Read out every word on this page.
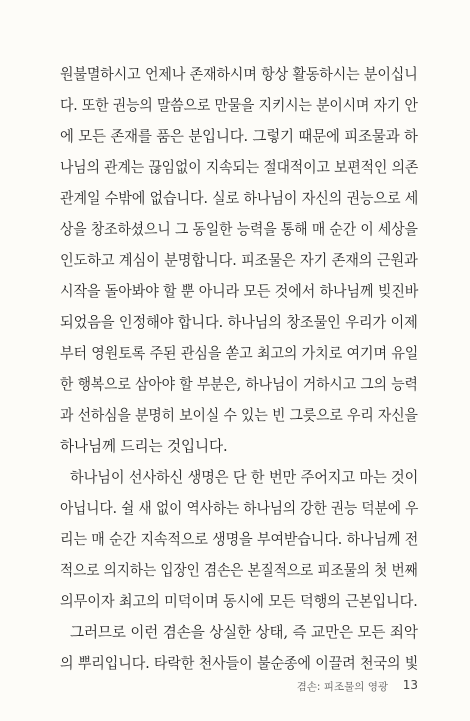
원불멸하시고 언제나 존재하시며 항상 활동하시는 분이십니
다. 또한 권능의 말씀으로 만물을 지키시는 분이시며 자기 안
에 모든 존재를 품은 분입니다. 그렇기 때문에 피조물과 하
나님의 관계는 끊임없이 지속되는 절대적이고 보편적인 의존
관계일 수밖에 없습니다. 실로 하나님이 자신의 권능으로 세
상을 창조하셨으니 그 동일한 능력을 통해 매 순간 이 세상을
인도하고 계심이 분명합니다. 피조물은 자기 존재의 근원과
시작을 돌아봐야 할 뿐 아니라 모든 것에서 하나님께 빚진바
되었음을 인정해야 합니다. 하나님의 창조물인 우리가 이제
부터 영원토록 주된 관심을 쏟고 최고의 가치로 여기며 유일
한 행복으로 삼아야 할 부분은, 하나님이 거하시고 그의 능력
과 선하심을 분명히 보이실 수 있는 빈 그릇으로 우리 자신을
하나님께 드리는 것입니다.
하나님이 선사하신 생명은 단 한 번만 주어지고 마는 것이
아닙니다. 쉴 새 없이 역사하는 하나님의 강한 권능 덕분에 우
리는 매 순간 지속적으로 생명을 부여받습니다. 하나님께 전
적으로 의지하는 입장인 겸손은 본질적으로 피조물의 첫 번째
의무이자 최고의 미덕이며 동시에 모든 덕행의 근본입니다.
그러므로 이런 겸손을 상실한 상태, 즉 교만은 모든 죄악
의 뿌리입니다. 타락한 천사들이 불순종에 이끌려 천국의 빛
겸손: 피조물의 영광 13
